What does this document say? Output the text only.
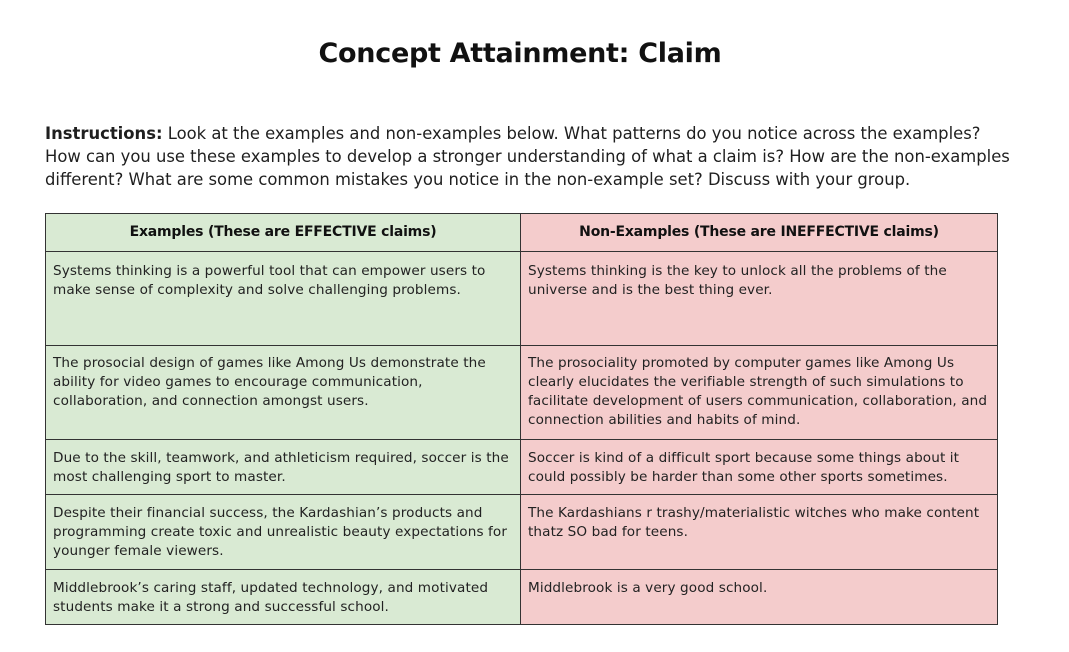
Concept Attainment: Claim
Instructions: Look at the examples and non-examples below. What patterns do you notice across the examples? How can you use these examples to develop a stronger understanding of what a claim is? How are the non-examples different? What are some common mistakes you notice in the non-example set? Discuss with your group.
Examples (These are EFFECTIVE claims)	Non-Examples (These are INEFFECTIVE claims)
Systems thinking is a powerful tool that can empower users to make sense of complexity and solve challenging problems.	Systems thinking is the key to unlock all the problems of the universe and is the best thing ever.
The prosocial design of games like Among Us demonstrate the ability for video games to encourage communication, collaboration, and connection amongst users.	The prosociality promoted by computer games like Among Us clearly elucidates the verifiable strength of such simulations to facilitate development of users communication, collaboration, and connection abilities and habits of mind.
Due to the skill, teamwork, and athleticism required, soccer is the most challenging sport to master.	Soccer is kind of a difficult sport because some things about it could possibly be harder than some other sports sometimes.
Despite their financial success, the Kardashian’s products and programming create toxic and unrealistic beauty expectations for younger female viewers.	The Kardashians r trashy/materialistic witches who make content thatz SO bad for teens.
Middlebrook’s caring staff, updated technology, and motivated students make it a strong and successful school.	Middlebrook is a very good school.
